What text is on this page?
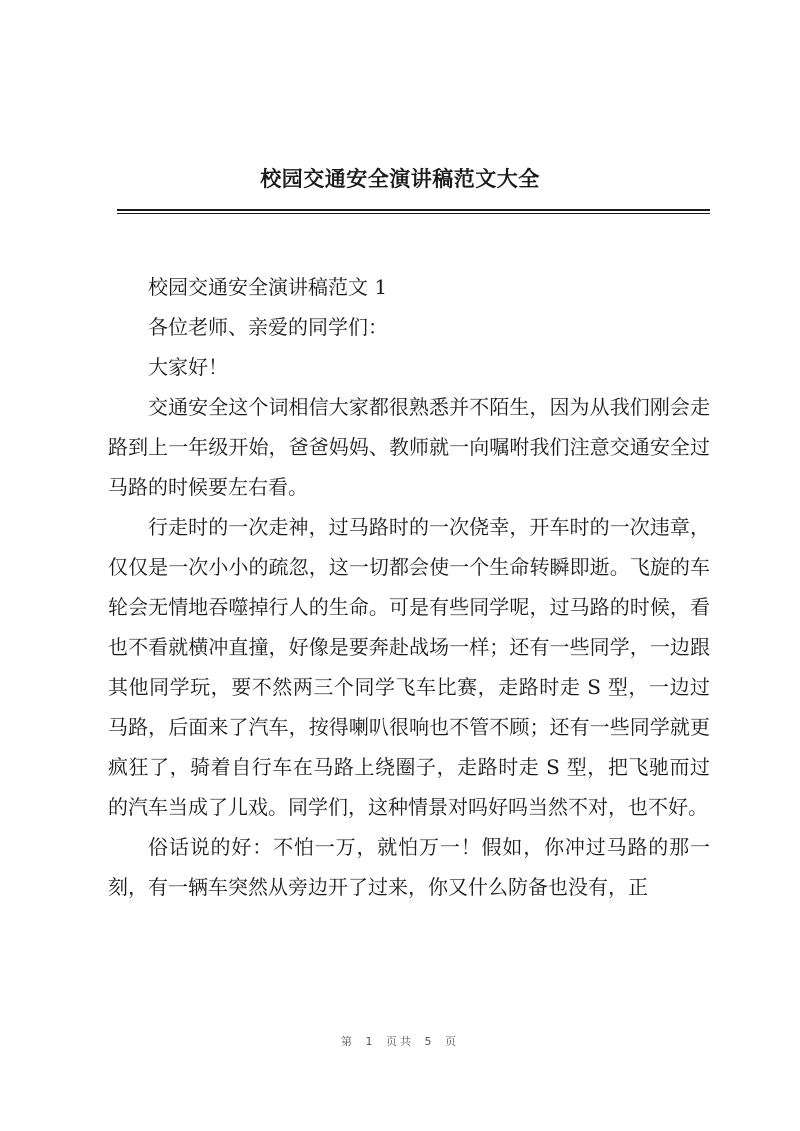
校园交通安全演讲稿范文大全

校园交通安全演讲稿范文 1

各位老师、亲爱的同学们：

大家好！

交通安全这个词相信大家都很熟悉并不陌生，因为从我们刚会走路到上一年级开始，爸爸妈妈、教师就一向嘱咐我们注意交通安全过马路的时候要左右看。

行走时的一次走神，过马路时的一次侥幸，开车时的一次违章，仅仅是一次小小的疏忽，这一切都会使一个生命转瞬即逝。飞旋的车轮会无情地吞噬掉行人的生命。可是有些同学呢，过马路的时候，看也不看就横冲直撞，好像是要奔赴战场一样；还有一些同学，一边跟其他同学玩，要不然两三个同学飞车比赛，走路时走 S 型，一边过马路，后面来了汽车，按得喇叭很响也不管不顾；还有一些同学就更疯狂了，骑着自行车在马路上绕圈子，走路时走 S 型，把飞驰而过的汽车当成了儿戏。同学们，这种情景对吗好吗当然不对，也不好。

俗话说的好：不怕一万，就怕万一！假如，你冲过马路的那一刻，有一辆车突然从旁边开了过来，你又什么防备也没有，正

第 1 页共 5 页
